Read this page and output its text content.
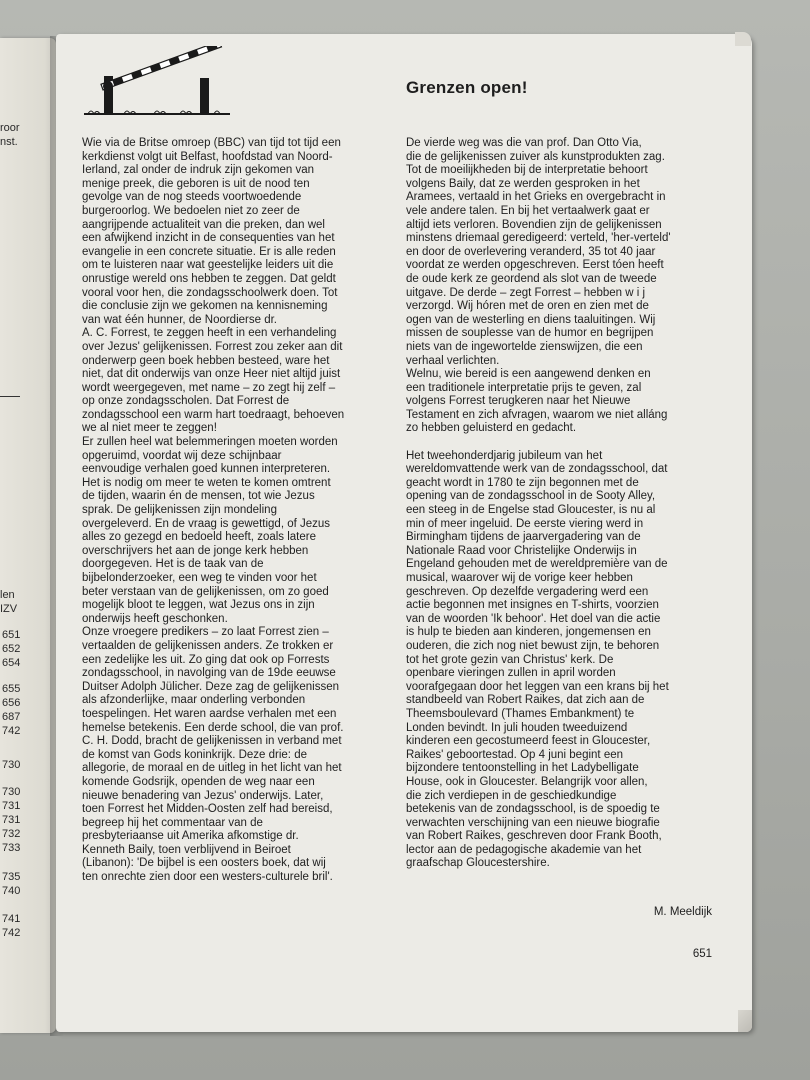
roor
nst.
len
IZV
651
652
654
655
656
687
742
730
730
731
731
732
733
735
740
741
742
Grenzen open!
Wie via de Britse omroep (BBC) van tijd tot tijd een
kerkdienst volgt uit Belfast, hoofdstad van Noord-
Ierland, zal onder de indruk zijn gekomen van
menige preek, die geboren is uit de nood ten
gevolge van de nog steeds voortwoedende
burgeroorlog. We bedoelen niet zo zeer de
aangrijpende actualiteit van die preken, dan wel
een afwijkend inzicht in de consequenties van het
evangelie in een concrete situatie. Er is alle reden
om te luisteren naar wat geestelijke leiders uit die
onrustige wereld ons hebben te zeggen. Dat geldt
vooral voor hen, die zondagsschoolwerk doen. Tot
die conclusie zijn we gekomen na kennisneming
van wat één hunner, de Noordierse dr.
A. C. Forrest, te zeggen heeft in een verhandeling
over Jezus' gelijkenissen. Forrest zou zeker aan dit
onderwerp geen boek hebben besteed, ware het
niet, dat dit onderwijs van onze Heer niet altijd juist
wordt weergegeven, met name – zo zegt hij zelf –
op onze zondagsscholen. Dat Forrest de
zondagsschool een warm hart toedraagt, behoeven
we al niet meer te zeggen!
Er zullen heel wat belemmeringen moeten worden
opgeruimd, voordat wij deze schijnbaar
eenvoudige verhalen goed kunnen interpreteren.
Het is nodig om meer te weten te komen omtrent
de tijden, waarin én de mensen, tot wie Jezus
sprak. De gelijkenissen zijn mondeling
overgeleverd. En de vraag is gewettigd, of Jezus
alles zo gezegd en bedoeld heeft, zoals latere
overschrijvers het aan de jonge kerk hebben
doorgegeven. Het is de taak van de
bijbelonderzoeker, een weg te vinden voor het
beter verstaan van de gelijkenissen, om zo goed
mogelijk bloot te leggen, wat Jezus ons in zijn
onderwijs heeft geschonken.
Onze vroegere predikers – zo laat Forrest zien –
vertaalden de gelijkenissen anders. Ze trokken er
een zedelijke les uit. Zo ging dat ook op Forrests
zondagsschool, in navolging van de 19de eeuwse
Duitser Adolph Jülicher. Deze zag de gelijkenissen
als afzonderlijke, maar onderling verbonden
toespelingen. Het waren aardse verhalen met een
hemelse betekenis. Een derde school, die van prof.
C. H. Dodd, bracht de gelijkenissen in verband met
de komst van Gods koninkrijk. Deze drie: de
allegorie, de moraal en de uitleg in het licht van het
komende Godsrijk, openden de weg naar een
nieuwe benadering van Jezus' onderwijs. Later,
toen Forrest het Midden-Oosten zelf had bereisd,
begreep hij het commentaar van de
presbyteriaanse uit Amerika afkomstige dr.
Kenneth Baily, toen verblijvend in Beiroet
(Libanon): 'De bijbel is een oosters boek, dat wij
ten onrechte zien door een westers-culturele bril'.
De vierde weg was die van prof. Dan Otto Via,
die de gelijkenissen zuiver als kunstprodukten zag.
Tot de moeilijkheden bij de interpretatie behoort
volgens Baily, dat ze werden gesproken in het
Aramees, vertaald in het Grieks en overgebracht in
vele andere talen. En bij het vertaalwerk gaat er
altijd iets verloren. Bovendien zijn de gelijkenissen
minstens driemaal geredigeerd: verteld, 'her-verteld'
en door de overlevering veranderd, 35 tot 40 jaar
voordat ze werden opgeschreven. Eerst tóen heeft
de oude kerk ze geordend als slot van de tweede
uitgave. De derde – zegt Forrest – hebben w i j
verzorgd. Wij hóren met de oren en zien met de
ogen van de westerling en diens taaluitingen. Wij
missen de souplesse van de humor en begrijpen
niets van de ingewortelde zienswijzen, die een
verhaal verlichten.
Welnu, wie bereid is een aangewend denken en
een traditionele interpretatie prijs te geven, zal
volgens Forrest terugkeren naar het Nieuwe
Testament en zich afvragen, waarom we niet alláng
zo hebben geluisterd en gedacht.

Het tweehonderdjarig jubileum van het
wereldomvattende werk van de zondagsschool, dat
geacht wordt in 1780 te zijn begonnen met de
opening van de zondagsschool in de Sooty Alley,
een steeg in de Engelse stad Gloucester, is nu al
min of meer ingeluid. De eerste viering werd in
Birmingham tijdens de jaarvergadering van de
Nationale Raad voor Christelijke Onderwijs in
Engeland gehouden met de wereldpremière van de
musical, waarover wij de vorige keer hebben
geschreven. Op dezelfde vergadering werd een
actie begonnen met insignes en T-shirts, voorzien
van de woorden 'Ik behoor'. Het doel van die actie
is hulp te bieden aan kinderen, jongemensen en
ouderen, die zich nog niet bewust zijn, te behoren
tot het grote gezin van Christus' kerk. De
openbare vieringen zullen in april worden
voorafgegaan door het leggen van een krans bij het
standbeeld van Robert Raikes, dat zich aan de
Theemsboulevard (Thames Embankment) te
Londen bevindt. In juli houden tweeduizend
kinderen een gecostumeerd feest in Gloucester,
Raikes' geboortestad. Op 4 juni begint een
bijzondere tentoonstelling in het Ladybelligate
House, ook in Gloucester. Belangrijk voor allen,
die zich verdiepen in de geschiedkundige
betekenis van de zondagsschool, is de spoedig te
verwachten verschijning van een nieuwe biografie
van Robert Raikes, geschreven door Frank Booth,
lector aan de pedagogische akademie van het
graafschap Gloucestershire.
M. Meeldijk
651
